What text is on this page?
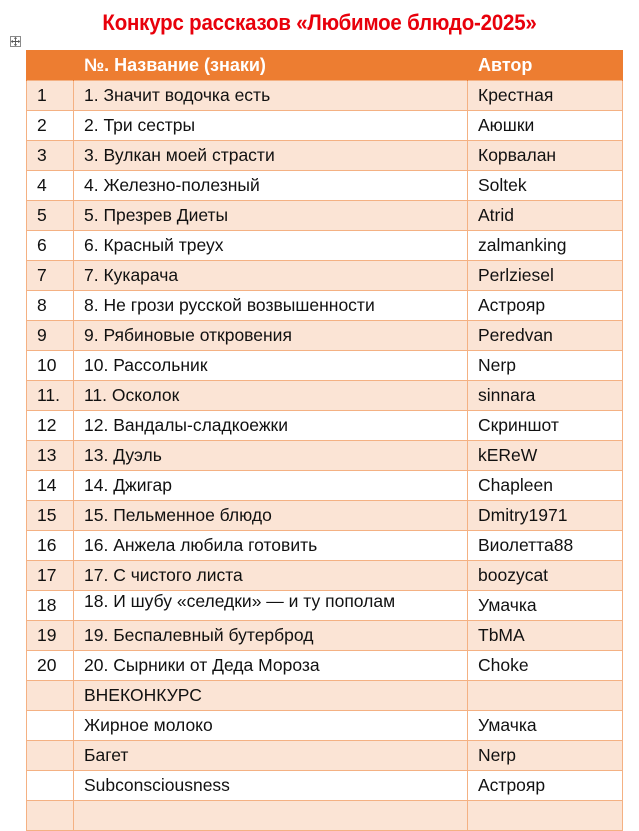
Конкурс рассказов «Любимое блюдо-2025»
	№. Название (знаки)	Автор
1	1. Значит водочка есть	Крестная
2	2. Три сестры	Аюшки
3	3. Вулкан моей страсти	Корвалан
4	4. Железно-полезный	Soltek
5	5. Презрев Диеты	Atrid
6	6. Красный треух	zalmanking
7	7. Кукарача	Perlziesel
8	8. Не грози русской возвышенности	Астрояр
9	9. Рябиновые откровения	Peredvan
10	10. Рассольник	Nerp
11.	11. Осколок	sinnara
12	12. Вандалы-сладкоежки	Скриншот
13	13. Дуэль	kEReW
14	14. Джигар	Chapleen
15	15. Пельменное блюдо	Dmitry1971
16	16. Анжела любила готовить	Виолетта88
17	17. С чистого листа	boozycat
18	18. И шубу «селедки» — и ту пополам	Умачка
19	19. Беспалевный бутерброд	TbMA
20	20. Сырники от Деда Мороза	Choke
	ВНЕКОНКУРС	
	Жирное молоко	Умачка
	Багет	Nerp
	Subconsciousness	Астрояр
